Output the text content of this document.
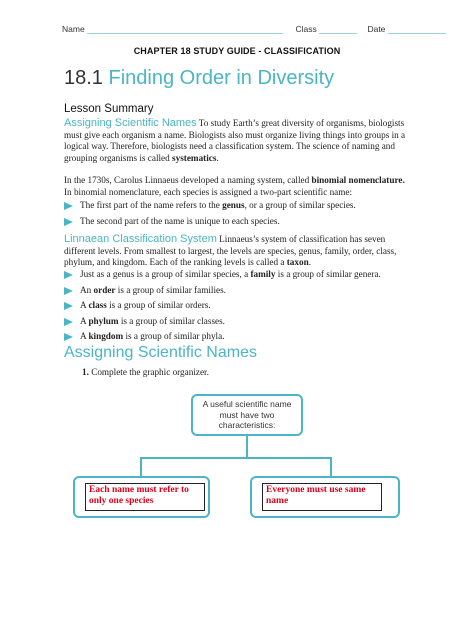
Name	Class	Date
CHAPTER 18 STUDY GUIDE - CLASSIFICATION
18.1 Finding Order in Diversity
Lesson Summary

Assigning Scientific Names To study Earth’s great diversity of organisms, biologists must give each organism a name. Biologists also must organize living things into groups in a logical way. Therefore, biologists need a classification system. The science of naming and grouping organisms is called systematics.

In the 1730s, Carolus Linnaeus developed a naming system, called binomial nomenclature. In binomial nomenclature, each species is assigned a two-part scientific name:

The first part of the name refers to the genus, or a group of similar species.
The second part of the name is unique to each species.

Linnaean Classification System Linnaeus’s system of classification has seven different levels. From smallest to largest, the levels are species, genus, family, order, class, phylum, and kingdom. Each of the ranking levels is called a taxon.

Just as a genus is a group of similar species, a family is a group of similar genera.
An order is a group of similar families.
A class is a group of similar orders.
A phylum is a group of similar classes.
A kingdom is a group of similar phyla.
Assigning Scientific Names
1. Complete the graphic organizer.
A useful scientific name must have two characteristics:
Each name must refer to only one species
Everyone must use same name
